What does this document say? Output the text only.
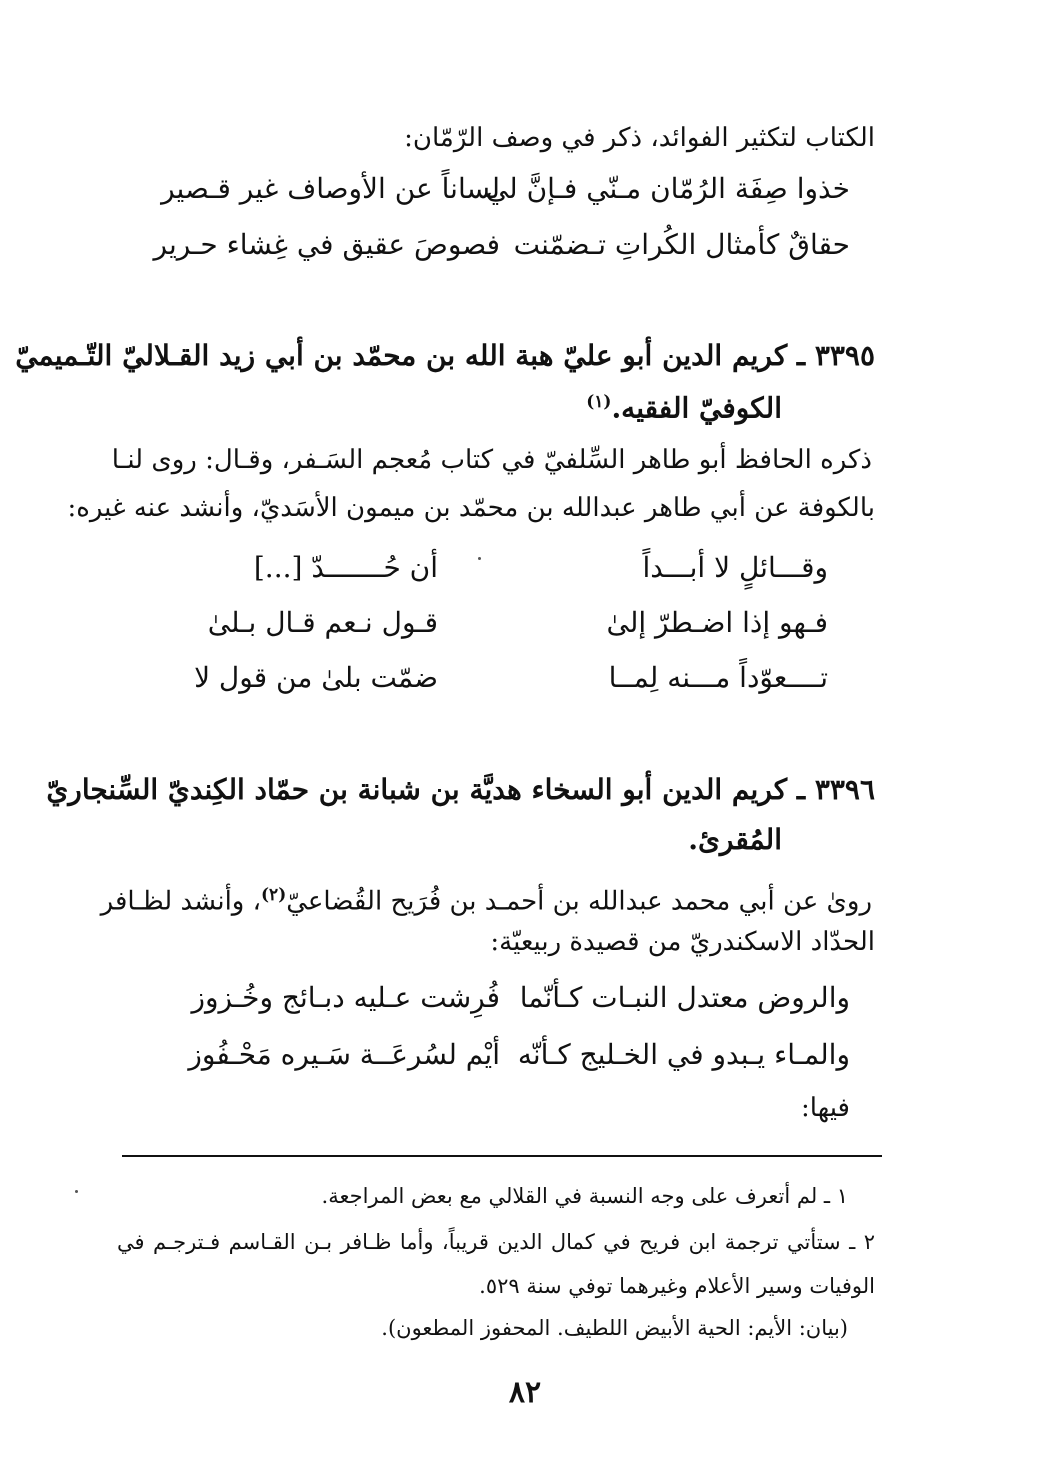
الكتاب لتكثير الفوائد، ذكر في وصف الرّمّان:
خذوا صِفَة الرُمّان مـنّي فـإنَّ لي
لساناً عن الأوصاف غير قـصير
حقاقٌ كأمثال الكُراتِ تـضمّنت
فصوصَ عقيق في غِشاء حـرير
٣٣٩٥ ـ كريم الدين أبو عليّ هبة الله بن محمّد بن أبي زيد القـلاليّ التّـميميّ
الكوفيّ الفقيه.$^{(١)}$
ذكره الحافظ أبو طاهر السِّلفيّ في كتاب مُعجم السَـفر، وقـال: روى لنـا
بالكوفة عن أبي طاهر عبدالله بن محمّد بن ميمون الأسَديّ، وأنشد عنه غيره:
وقـــائلٍ لا أبـــداً
أن حُـــــــدّ [...]
فـهو إذا اضـطرّ إلىٰ
قـول نـعم قـال بـلىٰ
تــــعوّداً مـــنه لِمــا
ضمّت بلىٰ من قول لا
٣٣٩٦ ـ كريم الدين أبو السخاء هديَّة بن شبانة بن حمّاد الكِنديّ السِّنجاريّ
المُقرئ.
روىٰ عن أبي محمد عبدالله بن أحمـد بن فُرَيح القُضاعيّ$^{(٢)}$، وأنشد لظـافر
الحدّاد الاسكندريّ من قصيدة ربيعيّة:
والروض معتدل النبـات كـأنّما
فُرِشت عـليه دبـائج وخُـزوز
والمـاء يـبدو في الخـليج كـأنّه
أيْم لسُرعَــة سَـيره مَحْـفُوز
فيها:
١ ـ لم أتعرف على وجه النسبة في القلالي مع بعض المراجعة.
٢ ـ ستأتي ترجمة ابن فريح في كمال الدين قريباً، وأما ظـافر بـن القـاسم فـترجـم في
الوفيات وسير الأعلام وغيرهما توفي سنة ٥٢٩.
(بيان: الأيم: الحية الأبيض اللطيف. المحفوز المطعون).
٨٢
